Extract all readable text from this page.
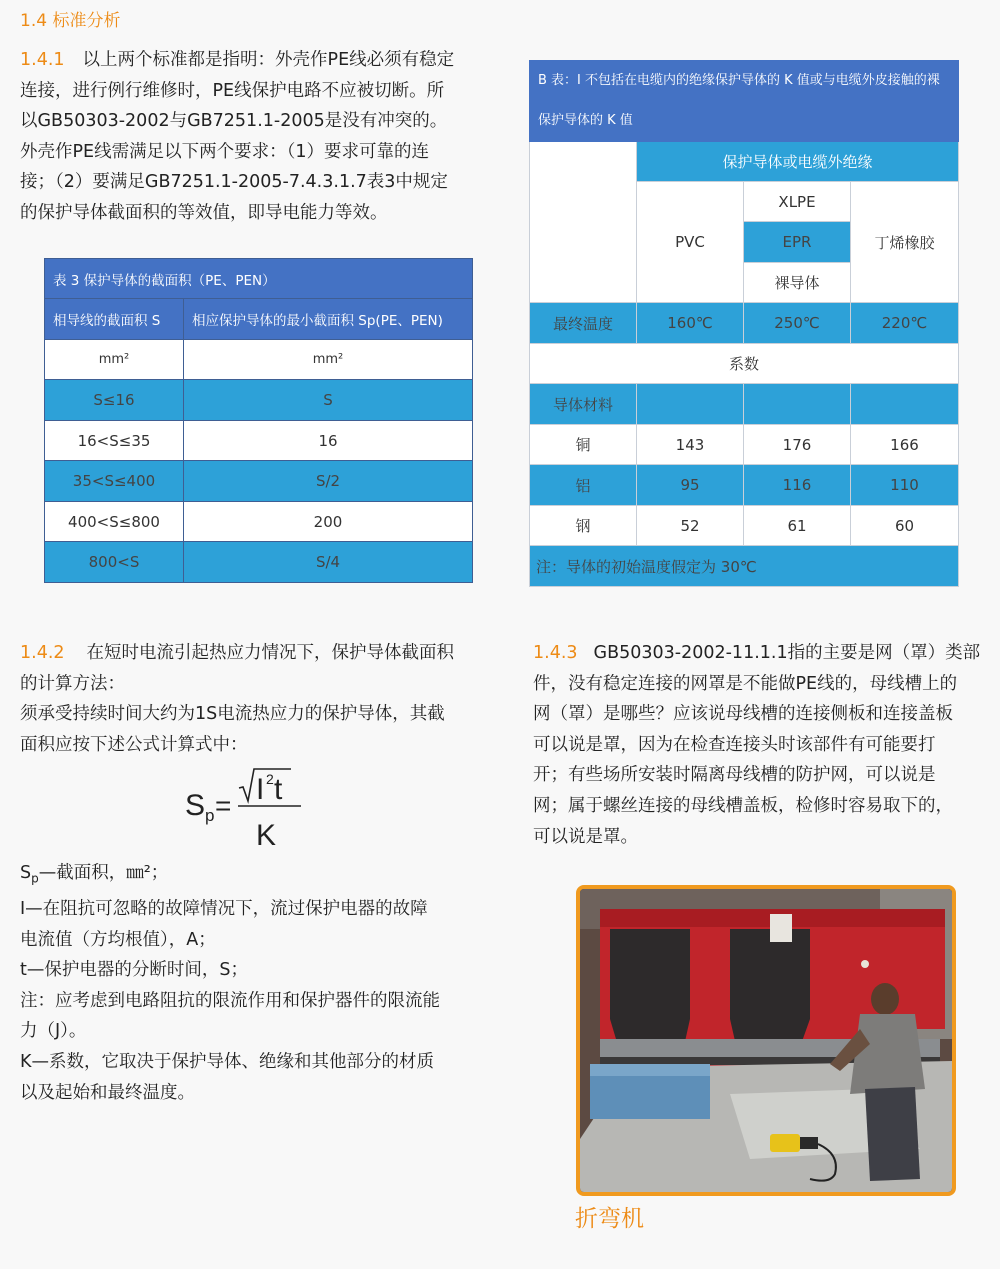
1.4 标准分析
1.4.1 以上两个标准都是指明：外壳作PE线必须有稳定
连接，进行例行维修时，PE线保护电路不应被切断。所
以GB50303-2002与GB7251.1-2005是没有冲突的。
外壳作PE线需满足以下两个要求：（1）要求可靠的连
接；（2）要满足GB7251.1-2005-7.4.3.1.7表3中规定
的保护导体截面积的等效值，即导电能力等效。
表 3 保护导体的截面积（PE、PEN）	
相导线的截面积 S	相应保护导体的最小截面积 Sp(PE、PEN)
mm²	mm²
S≤16	S
16<S≤35	16
35<S≤400	S/2
400<S≤800	200
800<S	S/4
B 表：I 不包括在电缆内的绝缘保护导体的 K 值或与电缆外皮接触的裸
保护导体的 K 值			

	保护导体或电缆外绝缘		
	PVC	XLPE	丁烯橡胶
		EPR	
		裸导体	
最终温度	160℃	250℃	220℃
系数			
导体材料			
铜	143	176	166
铝	95	116	110
钢	52	61	60
注：导体的初始温度假定为 30℃			
1.4.2 在短时电流引起热应力情况下，保护导体截面积
的计算方法：
须承受持续时间大约为1S电流热应力的保护导体，其截
面积应按下述公式计算式中：
S p = I 2 t
K
$S_p—$截面积，㎜²；
I—在阻抗可忽略的故障情况下，流过保护电器的故障
电流值（方均根值），A；
t—保护电器的分断时间，S；
注：应考虑到电路阻抗的限流作用和保护器件的限流能
力（J）。
K—系数，它取决于保护导体、绝缘和其他部分的材质
以及起始和最终温度。
1.4.3 GB50303-2002-11.1.1指的主要是网（罩）类部
件，没有稳定连接的网罩是不能做PE线的，母线槽上的
网（罩）是哪些？应该说母线槽的连接侧板和连接盖板
可以说是罩，因为在检查连接头时该部件有可能要打
开；有些场所安装时隔离母线槽的防护网，可以说是
网；属于螺丝连接的母线槽盖板，检修时容易取下的，
可以说是罩。
折弯机
